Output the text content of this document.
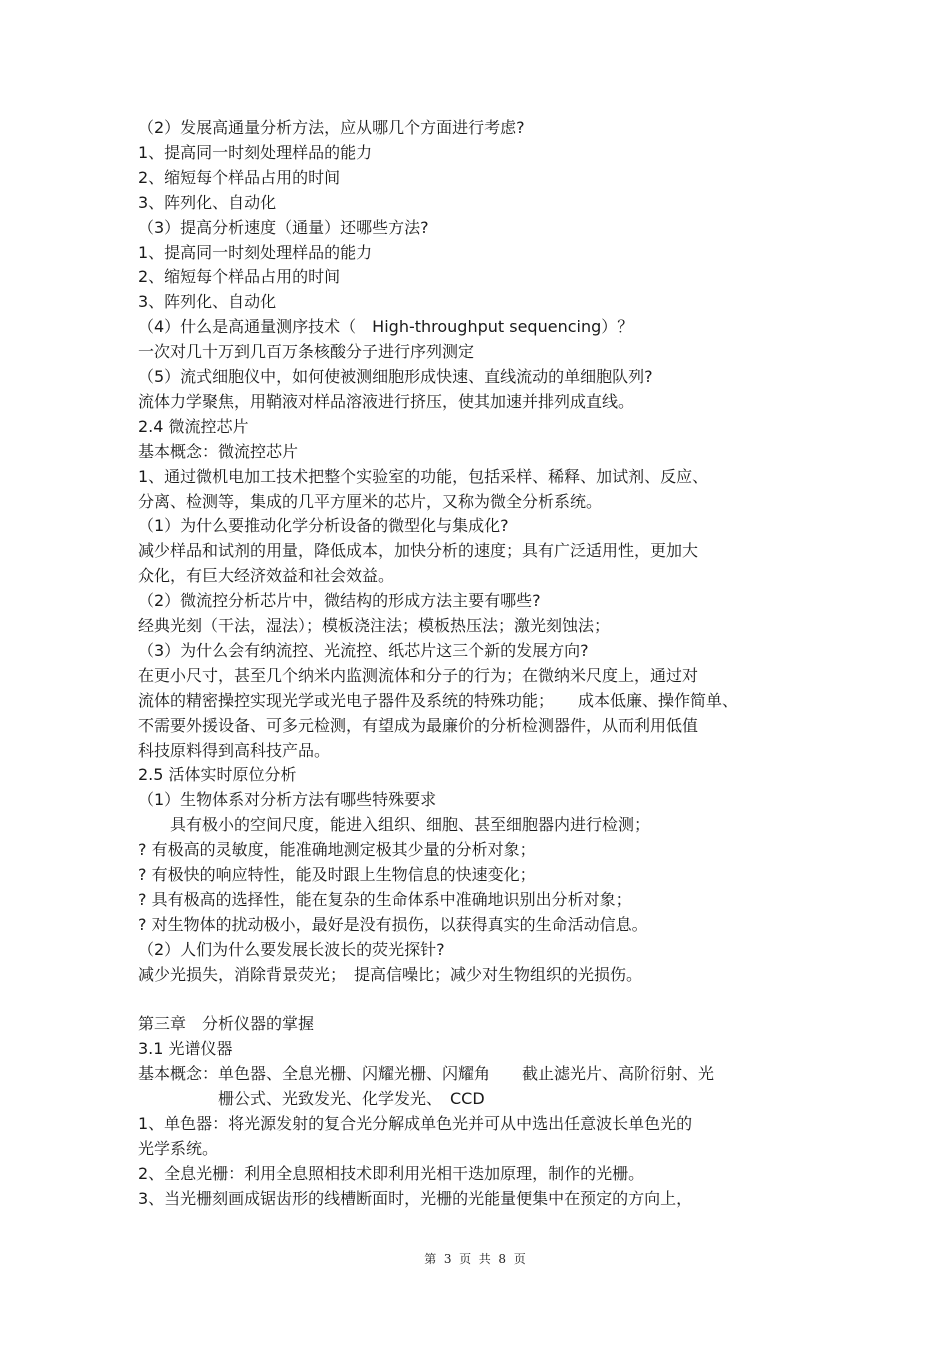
（2）发展高通量分析方法，应从哪几个方面进行考虑?
1、提高同一时刻处理样品的能力
2、缩短每个样品占用的时间
3、阵列化、自动化
（3）提高分析速度（通量）还哪些方法?
1、提高同一时刻处理样品的能力
2、缩短每个样品占用的时间
3、阵列化、自动化
（4）什么是高通量测序技术（　High-throughput sequencing）？
一次对几十万到几百万条核酸分子进行序列测定
（5）流式细胞仪中，如何使被测细胞形成快速、直线流动的单细胞队列?
流体力学聚焦，用鞘液对样品溶液进行挤压，使其加速并排列成直线。
2.4 微流控芯片
基本概念：微流控芯片
1、通过微机电加工技术把整个实验室的功能，包括采样、稀释、加试剂、反应、
分离、检测等，集成的几平方厘米的芯片，又称为微全分析系统。
（1）为什么要推动化学分析设备的微型化与集成化?
减少样品和试剂的用量，降低成本，加快分析的速度；具有广泛适用性，更加大
众化，有巨大经济效益和社会效益。
（2）微流控分析芯片中，微结构的形成方法主要有哪些?
经典光刻（干法，湿法）；模板浇注法；模板热压法；激光刻蚀法；
（3）为什么会有纳流控、光流控、纸芯片这三个新的发展方向?
在更小尺寸，甚至几个纳米内监测流体和分子的行为；在微纳米尺度上，通过对
流体的精密操控实现光学或光电子器件及系统的特殊功能；　　成本低廉、操作简单、
不需要外援设备、可多元检测，有望成为最廉价的分析检测器件，从而利用低值
科技原料得到高科技产品。
2.5 活体实时原位分析
（1）生物体系对分析方法有哪些特殊要求
　　具有极小的空间尺度，能进入组织、细胞、甚至细胞器内进行检测；
? 有极高的灵敏度，能准确地测定极其少量的分析对象；
? 有极快的响应特性，能及时跟上生物信息的快速变化；
? 具有极高的选择性，能在复杂的生命体系中准确地识别出分析对象；
? 对生物体的扰动极小，最好是没有损伤，以获得真实的生命活动信息。
（2）人们为什么要发展长波长的荧光探针?
减少光损失，消除背景荧光；　提高信噪比；减少对生物组织的光损伤。
第三章　分析仪器的掌握
3.1 光谱仪器
基本概念：单色器、全息光栅、闪耀光栅、闪耀角　　截止滤光片、高阶衍射、光
　　　　　栅公式、光致发光、化学发光、　CCD
1、单色器：将光源发射的复合光分解成单色光并可从中选出任意波长单色光的
光学系统。
2、全息光栅：利用全息照相技术即利用光相干迭加原理，制作的光栅。
3、当光栅刻画成锯齿形的线槽断面时，光栅的光能量便集中在预定的方向上，
第  3  页  共  8  页
